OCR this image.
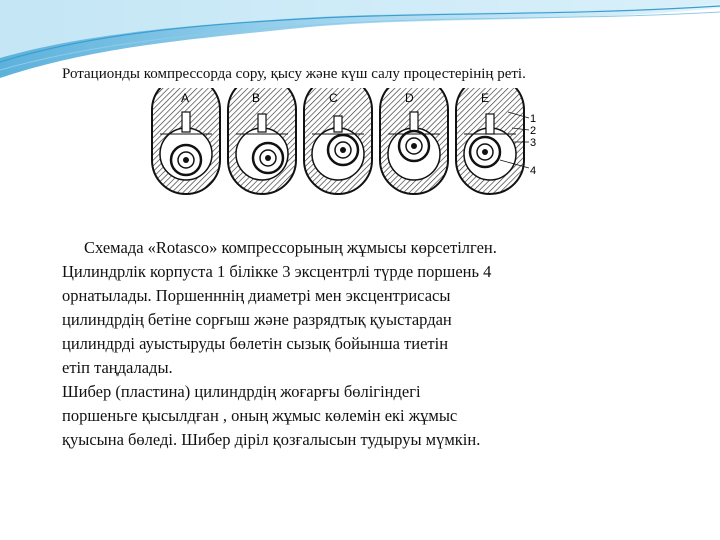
Ротационды компрессорда сору, қысу және күш салу процестерінің реті.
A	B	C	D	E
1
2
3
4

Схемада «Rotasco» компрессорының жұмысы көрсетілген.

Цилиндрлік корпуста 1 білікке 3 эксцентрлі түрде поршень 4

орнатылады. Поршенннің диаметрі мен эксцентрисасы

цилиндрдің бетіне сорғыш және разрядтық қуыстардан

цилиндрді ауыстыруды бөлетін сызық бойынша тиетін

етіп таңдалады.

Шибер (пластина) цилиндрдің жоғарғы бөлігіндегі

поршеньге қысылдған , оның жұмыс көлемін екі жұмыс

қуысына бөледі. Шибер діріл қозғалысын тудыруы мүмкін.
